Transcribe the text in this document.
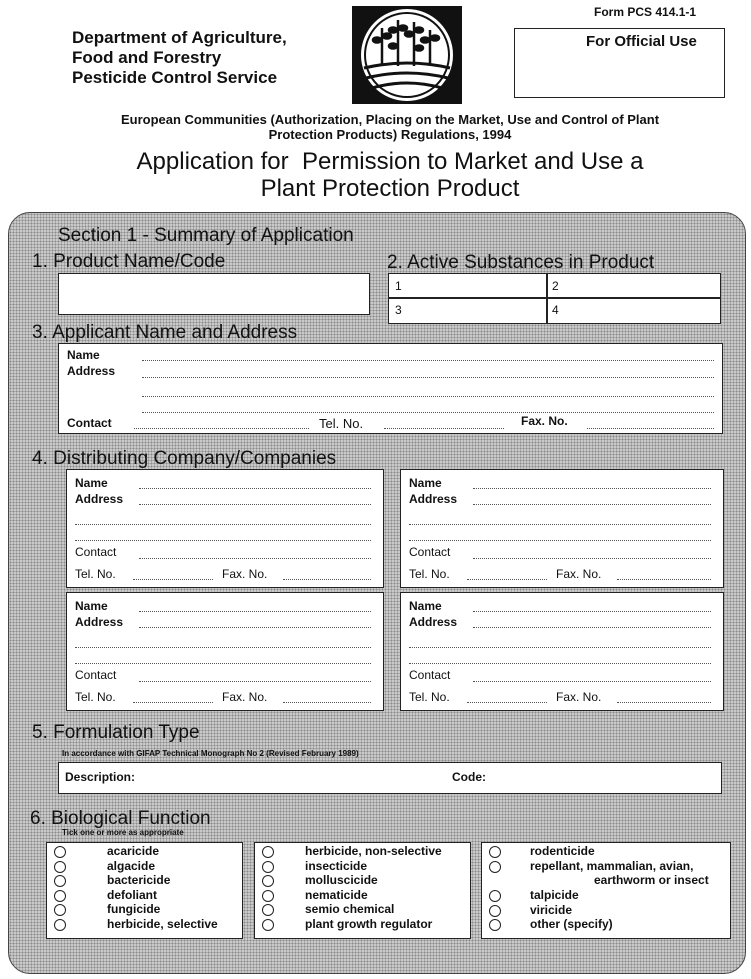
Department of Agriculture,
Food and Forestry
Pesticide Control Service
Form PCS 414.1-1
For Official Use
European Communities (Authorization, Placing on the Market, Use and Control of Plant
Protection Products) Regulations, 1994
Application for  Permission to Market and Use a
Plant Protection Product
Section 1 - Summary of Application
1. Product Name/Code	2. Active Substances in Product
1	2
3	4
3. Applicant Name and Address
Name
Address
Contact	Tel. No.	Fax. No.
4. Distributing Company/Companies
Name
Address
Contact
Tel. No.	Fax. No.
Name
Address
Contact
Tel. No.	Fax. No.
Name
Address
Contact
Tel. No.	Fax. No.
Name
Address
Contact
Tel. No.	Fax. No.
5. Formulation Type
In accordance with GIFAP Technical Monograph No 2 (Revised February 1989)
Description:	Code:
6. Biological Function
Tick one or more as appropriate
acaricide
algacide
bactericide
defoliant
fungicide
herbicide, selective
herbicide, non-selective
insecticide
molluscicide
nematicide
semio chemical
plant growth regulator
rodenticide
repellant, mammalian, avian,
earthworm or insect
talpicide
viricide
other (specify)
